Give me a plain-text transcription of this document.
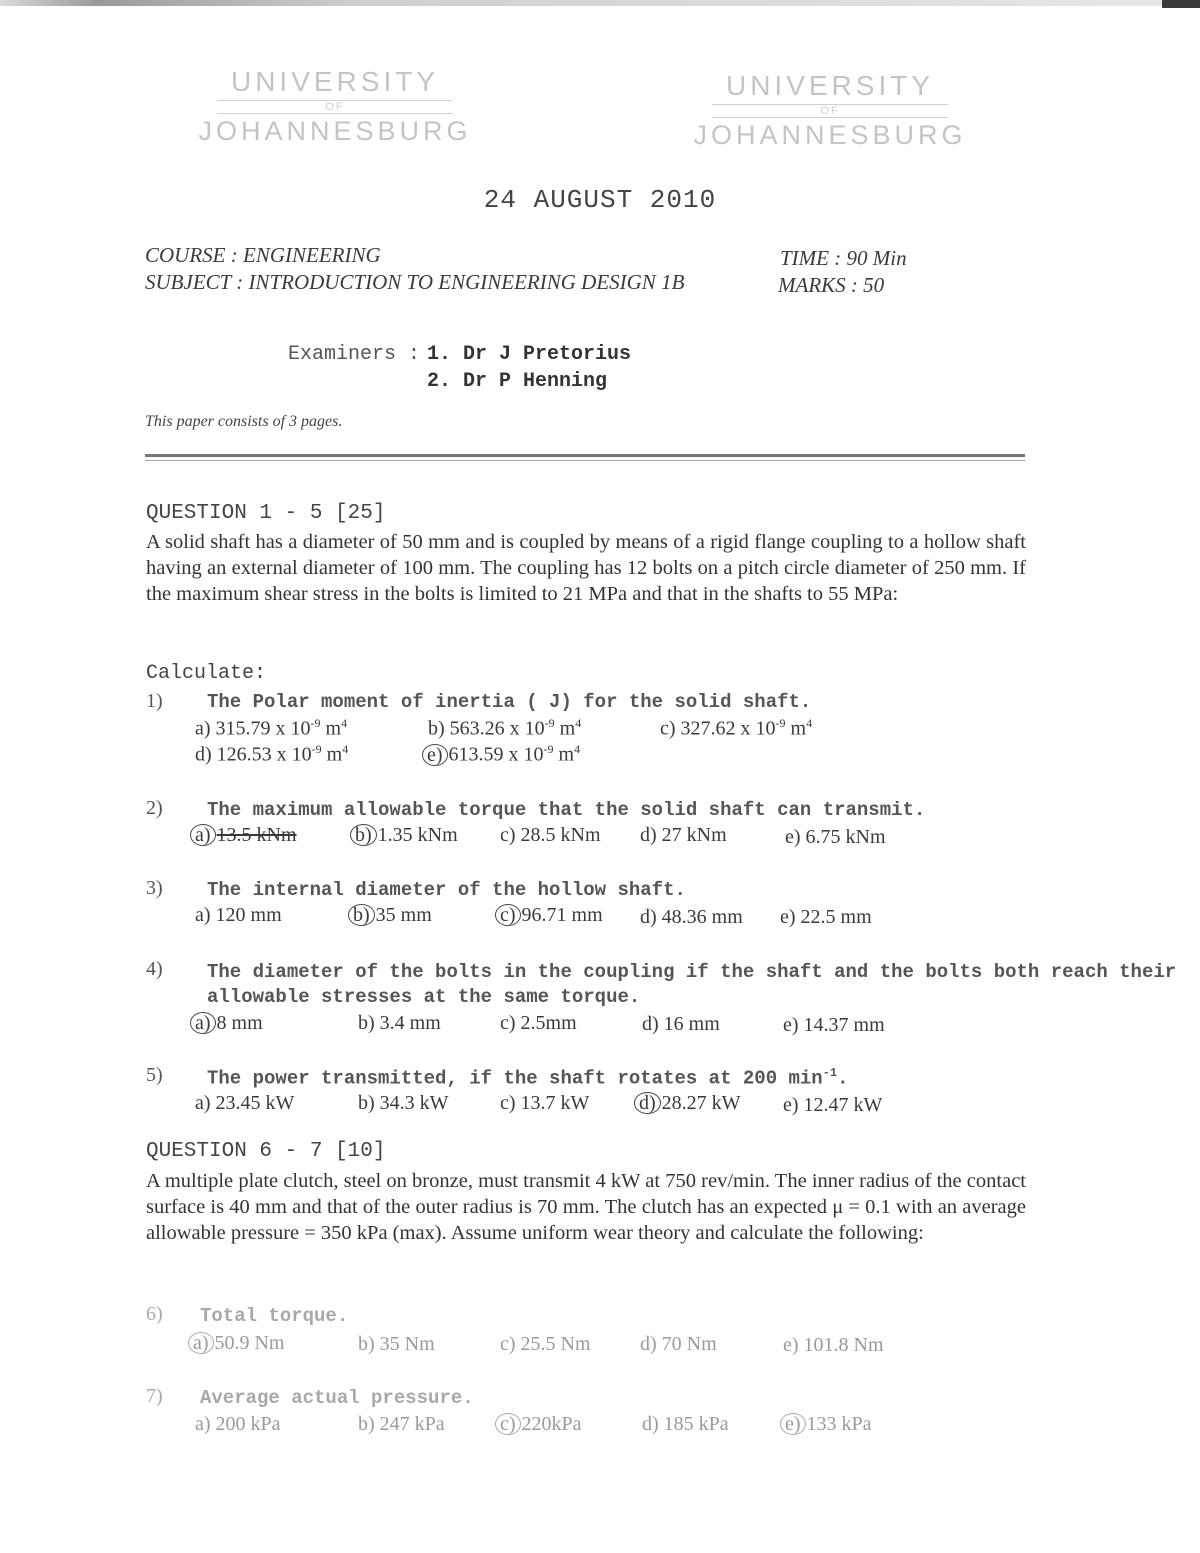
UNIVERSITY
OF
JOHANNESBURG
UNIVERSITY
OF
JOHANNESBURG
24 AUGUST 2010
COURSE : ENGINEERING
SUBJECT : INTRODUCTION TO ENGINEERING DESIGN 1B
TIME : 90 Min
MARKS : 50
Examiners : 1. Dr J Pretorius
2. Dr P Henning
This paper consists of 3 pages.
QUESTION 1 - 5 [25]
A solid shaft has a diameter of 50 mm and is coupled by means of a rigid flange coupling to a hollow shaft having an external diameter of 100 mm. The coupling has 12 bolts on a pitch circle diameter of 250 mm. If the maximum shear stress in the bolts is limited to 21 MPa and that in the shafts to 55 MPa:
Calculate:
1) The Polar moment of inertia ( J) for the solid shaft.
a) 315.79 x $10^{-9}$ $m^4$	b) 563.26 x $10^{-9}$ $m^4$	c) 327.62 x $10^{-9}$ $m^4$
d) 126.53 x $10^{-9}$ $m^4$	e) 613.59 x $10^{-9}$ $m^4$
2) The maximum allowable torque that the solid shaft can transmit.
a) 13.5 kNm	b) 1.35 kNm c) 28.5 kNm d) 27 kNm	e) 6.75 kNm
3) The internal diameter of the hollow shaft.
a) 120 mm	b) 35 mm	c) 96.71 mm d) 48.36 mm e) 22.5 mm
4) The diameter of the bolts in the coupling if the shaft and the bolts both reach their
allowable stresses at the same torque.
a) 8 mm	b) 3.4 mm	c) 2.5mm	d) 16 mm	e) 14.37 mm
5) The power transmitted, if the shaft rotates at 200 $\min^{-1}$.
a) 23.45 kW	b) 34.3 kW	c) 13.7 kW d) 28.27 kW e) 12.47 kW
QUESTION 6 - 7 [10]
A multiple plate clutch, steel on bronze, must transmit 4 kW at 750 rev/min. The inner radius of the contact surface is 40 mm and that of the outer radius is 70 mm. The clutch has an expected μ = 0.1 with an average allowable pressure = 350 kPa (max). Assume uniform wear theory and calculate the following:
6) Total torque.
a) 50.9 Nm	b) 35 Nm	c) 25.5 Nm d) 70 Nm	e) 101.8 Nm
7) Average actual pressure.
a) 200 kPa	b) 247 kPa	c) 220kPa	d) 185 kPa	e) 133 kPa
